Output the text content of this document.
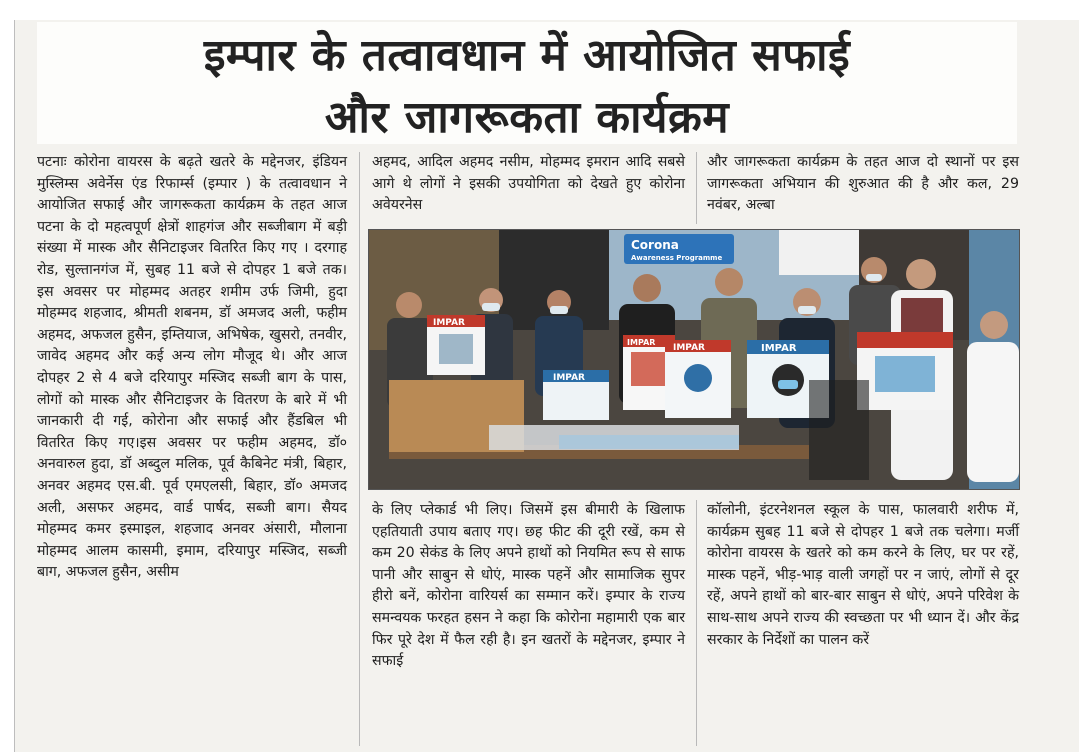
इम्पार के तत्वावधान में आयोजित सफाई
और जागरूकता कार्यक्रम

पटनाः कोरोना वायरस के बढ़ते खतरे के मद्देनजर, इंडियन मुस्लिम्स अवेर्नेस एंड रिफार्म्स (इम्पार ) के तत्वावधान ने आयोजित सफाई और जागरूकता कार्यक्रम के तहत आज पटना के दो महत्वपूर्ण क्षेत्रों शाहगंज और सब्जीबाग में बड़ी संख्या में मास्क और सैनिटाइजर वितरित किए गए । दरगाह रोड, सुल्तानगंज में, सुबह 11 बजे से दोपहर 1 बजे तक। इस अवसर पर मोहम्मद अतहर शमीम उर्फ जिमी, हुदा मोहम्मद शहजाद, श्रीमती शबनम, डॉ अमजद अली, फहीम अहमद, अफजल हुसैन, इम्तियाज, अभिषेक, खुसरो, तनवीर, जावेद अहमद और कई अन्य लोग मौजूद थे। और आज दोपहर 2 से 4 बजे दरियापुर मस्जिद सब्जी बाग के पास, लोगों को मास्क और सैनिटाइजर के वितरण के बारे में भी जानकारी दी गई, कोरोना और सफाई और हैंडबिल भी वितरित किए गए।इस अवसर पर फहीम अहमद, डॉ० अनवारुल हुदा, डॉ अब्दुल मलिक, पूर्व कैबिनेट मंत्री, बिहार, अनवर अहमद एस.बी. पूर्व एमएलसी, बिहार, डॉ० अमजद अली, असफर अहमद, वार्ड पार्षद, सब्जी बाग। सैयद मोहम्मद कमर इस्माइल, शहजाद अनवर अंसारी, मौलाना मोहम्मद आलम कासमी, इमाम, दरियापुर मस्जिद, सब्जी बाग, अफजल हुसैन, असीम

अहमद, आदिल अहमद नसीम, मोहम्मद इमरान आदि सबसे आगे थे लोगों ने इसकी उपयोगिता को देखते हुए कोरोना अवेयरनेस

और जागरूकता कार्यक्रम के तहत आज दो स्थानों पर इस जागरूकता अभियान की शुरुआत की है और कल, 29 नवंबर, अल्बा

Corona
Awareness Programme
IMPAR
IMPAR
IMPAR
IMPAR	IMPAR

के लिए प्लेकार्ड भी लिए। जिसमें इस बीमारी के खिलाफ एहतियाती उपाय बताए गए। छह फीट की दूरी रखें, कम से कम 20 सेकंड के लिए अपने हाथों को नियमित रूप से साफ पानी और साबुन से धोएं, मास्क पहनें और सामाजिक सुपर हीरो बनें, कोरोना वारियर्स का सम्मान करें। इम्पार के राज्य समन्वयक फरहत हसन ने कहा कि कोरोना महामारी एक बार फिर पूरे देश में फैल रही है। इन खतरों के मद्देनजर, इम्पार ने सफाई

कॉलोनी, इंटरनेशनल स्कूल के पास, फालवारी शरीफ में, कार्यक्रम सुबह 11 बजे से दोपहर 1 बजे तक चलेगा। मर्जी कोरोना वायरस के खतरे को कम करने के लिए, घर पर रहें, मास्क पहनें, भीड़-भाड़ वाली जगहों पर न जाएं, लोगों से दूर रहें, अपने हाथों को बार-बार साबुन से धोएं, अपने परिवेश के साथ-साथ अपने राज्य की स्वच्छता पर भी ध्यान दें। और केंद्र सरकार के निर्देशों का पालन करें
